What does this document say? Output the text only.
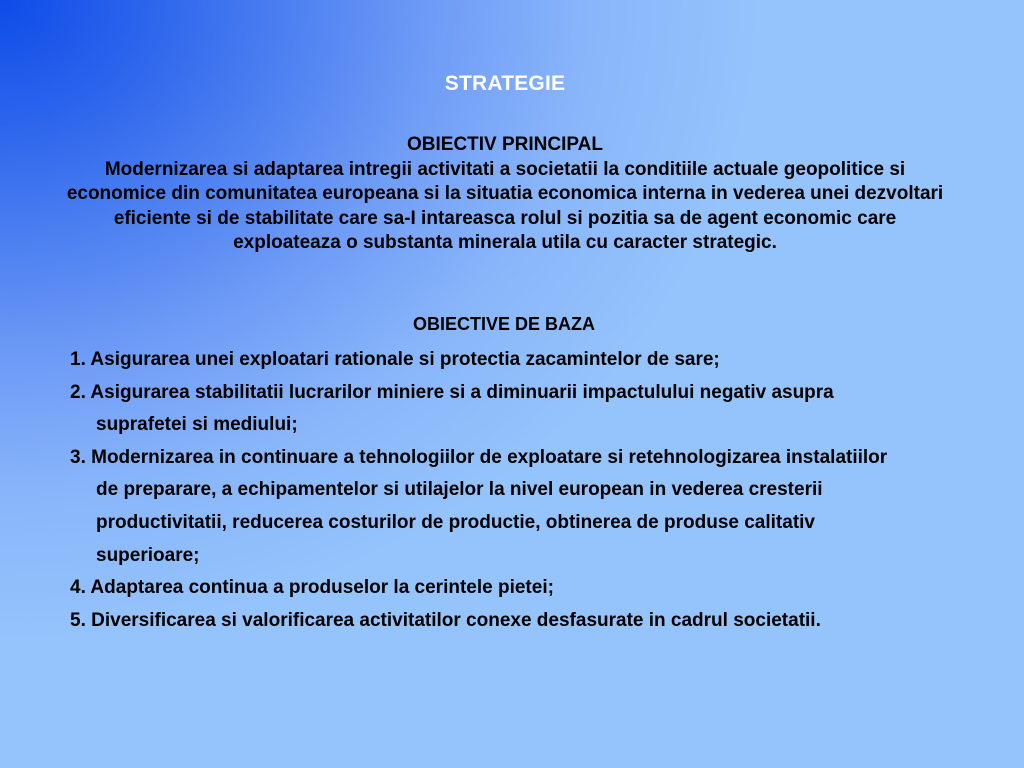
STRATEGIE
OBIECTIV PRINCIPAL
Modernizarea si adaptarea intregii activitati a societatii la conditiile actuale geopolitice si economice din comunitatea europeana si la situatia economica interna in vederea unei dezvoltari eficiente si de stabilitate care sa-I intareasca rolul si pozitia sa de agent economic care exploateaza o substanta minerala utila cu caracter strategic.
OBIECTIVE DE BAZA
1. Asigurarea unei exploatari rationale si protectia zacamintelor de sare;
2. Asigurarea stabilitatii lucrarilor miniere si a diminuarii impactulului negativ asupra suprafetei si mediului;
3. Modernizarea in continuare a tehnologiilor de exploatare si retehnologizarea instalatiilor de preparare, a echipamentelor si utilajelor la nivel european in vederea cresterii productivitatii, reducerea costurilor de productie, obtinerea de produse calitativ superioare;
4. Adaptarea continua a produselor la cerintele pietei;
5. Diversificarea si valorificarea activitatilor conexe desfasurate in cadrul societatii.
